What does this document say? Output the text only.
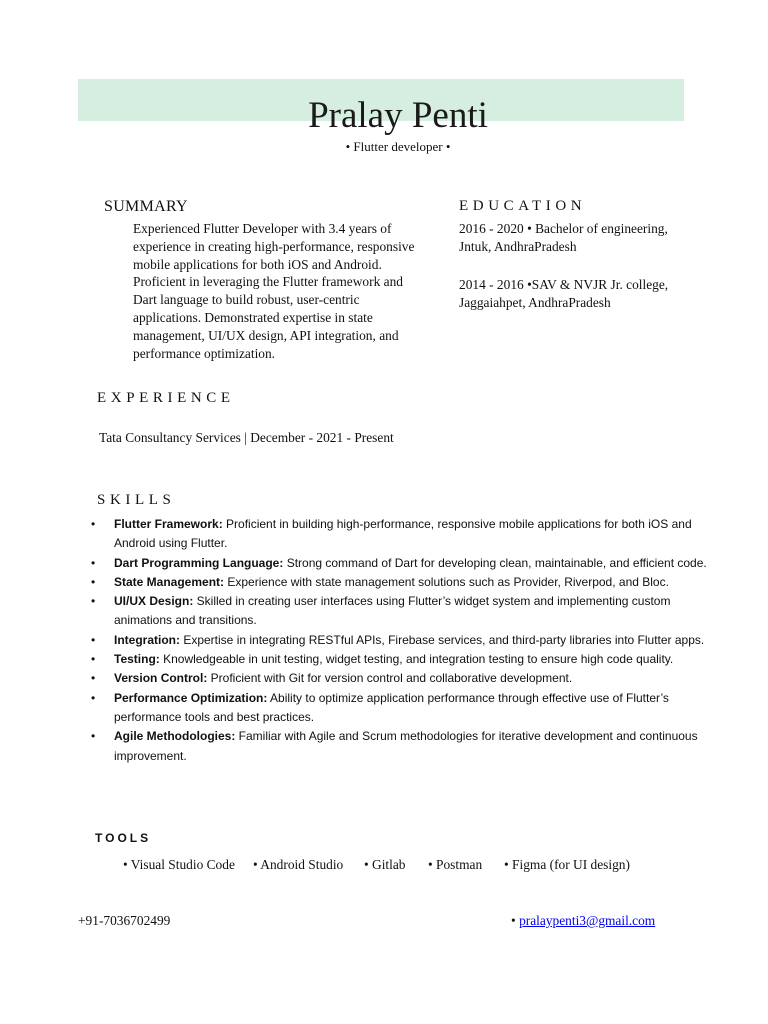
Pralay Penti
• Flutter developer •
SUMMARY
Experienced Flutter Developer with 3.4 years of experience in creating high-performance, responsive mobile applications for both iOS and Android. Proficient in leveraging the Flutter framework and Dart language to build robust, user-centric applications. Demonstrated expertise in state management, UI/UX design, API integration, and performance optimization.
EDUCATION
2016 - 2020 • Bachelor of engineering, Jntuk, AndhraPradesh
2014 - 2016 •SAV & NVJR Jr. college, Jaggaiahpet, AndhraPradesh
EXPERIENCE
Tata Consultancy Services | December - 2021 - Present
SKILLS
• Flutter Framework: Proficient in building high-performance, responsive mobile applications for both iOS and Android using Flutter.
• Dart Programming Language: Strong command of Dart for developing clean, maintainable, and efficient code.
• State Management: Experience with state management solutions such as Provider, Riverpod, and Bloc.
• UI/UX Design: Skilled in creating user interfaces using Flutter’s widget system and implementing custom animations and transitions.
• Integration: Expertise in integrating RESTful APIs, Firebase services, and third-party libraries into Flutter apps.
• Testing: Knowledgeable in unit testing, widget testing, and integration testing to ensure high code quality.
• Version Control: Proficient with Git for version control and collaborative development.
• Performance Optimization: Ability to optimize application performance through effective use of Flutter’s performance tools and best practices.
• Agile Methodologies: Familiar with Agile and Scrum methodologies for iterative development and continuous improvement.
TOOLS
• Visual Studio Code • Android Studio • Gitlab • Postman • Figma (for UI design)
+91-7036702499	• pralaypenti3@gmail.com
